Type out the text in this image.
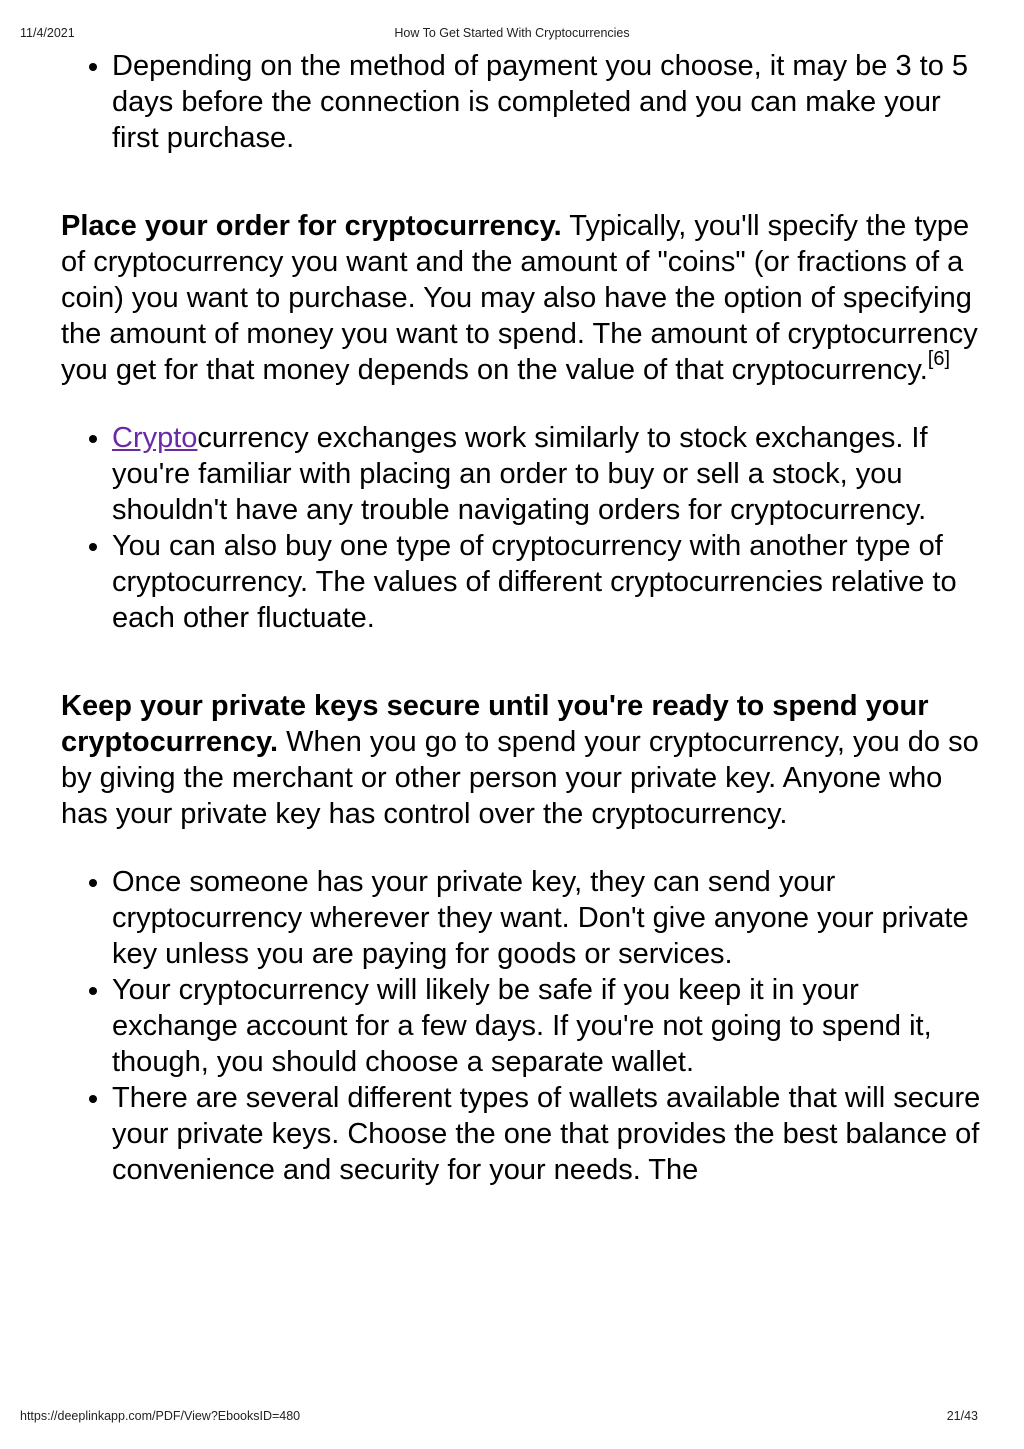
11/4/2021	How To Get Started With Cryptocurrencies
• Depending on the method of payment you choose, it may be 3 to 5 days before the connection is completed and you can make your first purchase.

Place your order for cryptocurrency. Typically, you'll specify the type of cryptocurrency you want and the amount of "coins" (or fractions of a coin) you want to purchase. You may also have the option of specifying the amount of money you want to spend. The amount of cryptocurrency you get for that money depends on the value of that cryptocurrency.[6]

• Cryptocurrency exchanges work similarly to stock exchanges. If you're familiar with placing an order to buy or sell a stock, you shouldn't have any trouble navigating orders for cryptocurrency.
• You can also buy one type of cryptocurrency with another type of cryptocurrency. The values of different cryptocurrencies relative to each other fluctuate.

Keep your private keys secure until you're ready to spend your cryptocurrency. When you go to spend your cryptocurrency, you do so by giving the merchant or other person your private key. Anyone who has your private key has control over the cryptocurrency.

• Once someone has your private key, they can send your cryptocurrency wherever they want. Don't give anyone your private key unless you are paying for goods or services.
• Your cryptocurrency will likely be safe if you keep it in your exchange account for a few days. If you're not going to spend it, though, you should choose a separate wallet.
• There are several different types of wallets available that will secure your private keys. Choose the one that provides the best balance of convenience and security for your needs. The
https://deeplinkapp.com/PDF/View?EbooksID=480	21/43
